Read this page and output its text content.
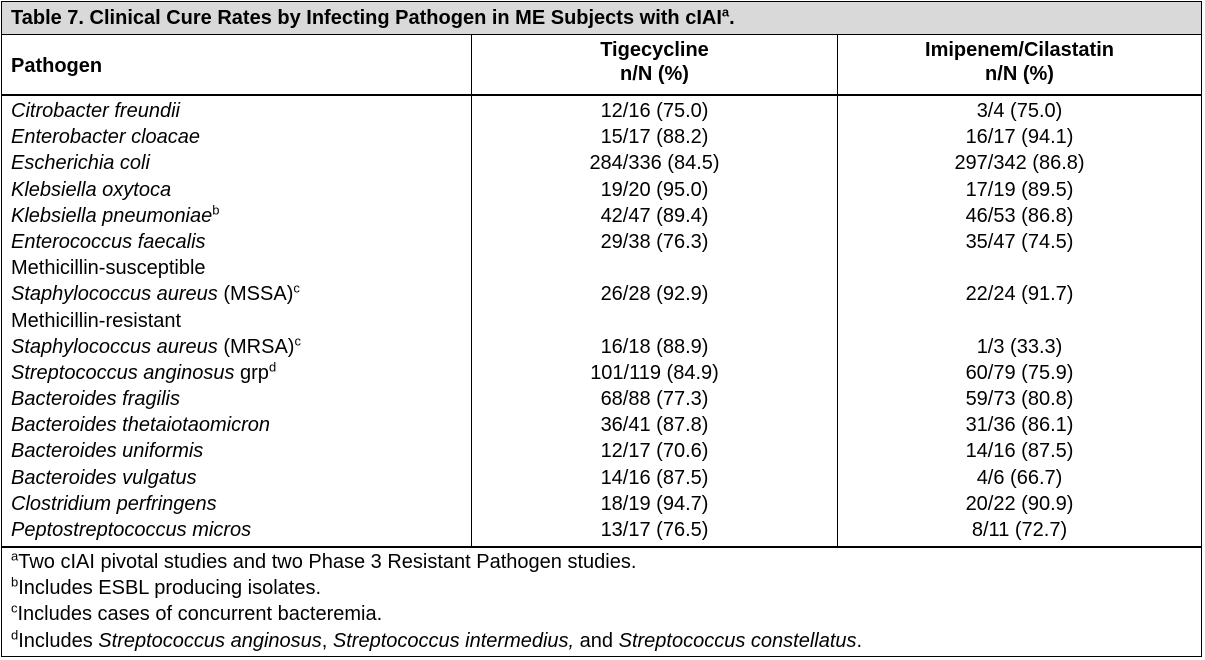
Table 7. Clinical Cure Rates by Infecting Pathogen in ME Subjects with cIAI$^a$.
Pathogen
Tigecycline
n/N (%)
Imipenem/Cilastatin
n/N (%)
Citrobacter freundii
Enterobacter cloacae
Escherichia coli
Klebsiella oxytoca
Klebsiella pneumoniae$^b$
Enterococcus faecalis
Methicillin-susceptible
Staphylococcus aureus (MSSA)$^c$
Methicillin-resistant
Staphylococcus aureus (MRSA)$^c$
Streptococcus anginosus grp$^d$
Bacteroides fragilis
Bacteroides thetaiotaomicron
Bacteroides uniformis
Bacteroides vulgatus
Clostridium perfringens
Peptostreptococcus micros
12/16 (75.0)
15/17 (88.2)
284/336 (84.5)
19/20 (95.0)
42/47 (89.4)
29/38 (76.3)
26/28 (92.9)
16/18 (88.9)
101/119 (84.9)
68/88 (77.3)
36/41 (87.8)
12/17 (70.6)
14/16 (87.5)
18/19 (94.7)
13/17 (76.5)
3/4 (75.0)
16/17 (94.1)
297/342 (86.8)
17/19 (89.5)
46/53 (86.8)
35/47 (74.5)
22/24 (91.7)
1/3 (33.3)
60/79 (75.9)
59/73 (80.8)
31/36 (86.1)
14/16 (87.5)
4/6 (66.7)
20/22 (90.9)
8/11 (72.7)
$^a$Two cIAI pivotal studies and two Phase 3 Resistant Pathogen studies.
$^b$Includes ESBL producing isolates.
$^c$Includes cases of concurrent bacteremia.
$^d$Includes Streptococcus anginosus, Streptococcus intermedius, and Streptococcus constellatus.
